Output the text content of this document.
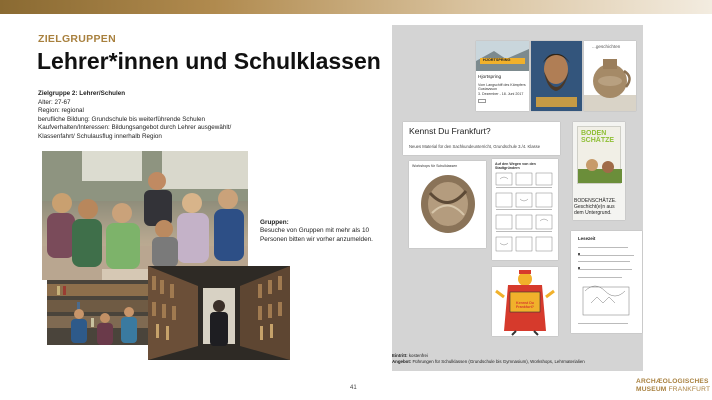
ZIELGRUPPEN
Lehrer*innen und Schulklassen
Zielgruppe 2: Lehrer/Schulen
Alter: 27-67
Region: regional
berufliche Bildung: Grundschule bis weiterführende Schulen
Kaufverhalten/Interessen: Bildungsangebot durch Lehrer ausgewählt/
Klassenfahrt/ Schulausflug innerhalb Region
Gruppen:
Besuche von Gruppen mit mehr als 10 Personen bitten wir vorher anzumelden.
41
HJORTSPRING
Hjortspring
Vom Langschiff des Kämpfers Gustavsson
3. Dezember - 18. Juni 2017
...geschichten
Kennst Du Frankfurt?
Neues Material für den Sachkundeunterricht, Grundschule 3./4. Klasse
Workshops für Schulklassen	Auf den Wegen von den Stadtgründern
BODEN
SCHÄTZE
BODENSCHÄTZE. Geschicht(e)n aus dem Untergrund.
Lesezeit
Kennst Du
Frankfurt?
Eintritt: kostenfrei
Angebot: Führungen für Schulklassen (Grundschule bis Gymnasium), Workshops, Lehrmaterialien
ARCHÆOLOGISCHES
MUSEUM FRANKFURT
